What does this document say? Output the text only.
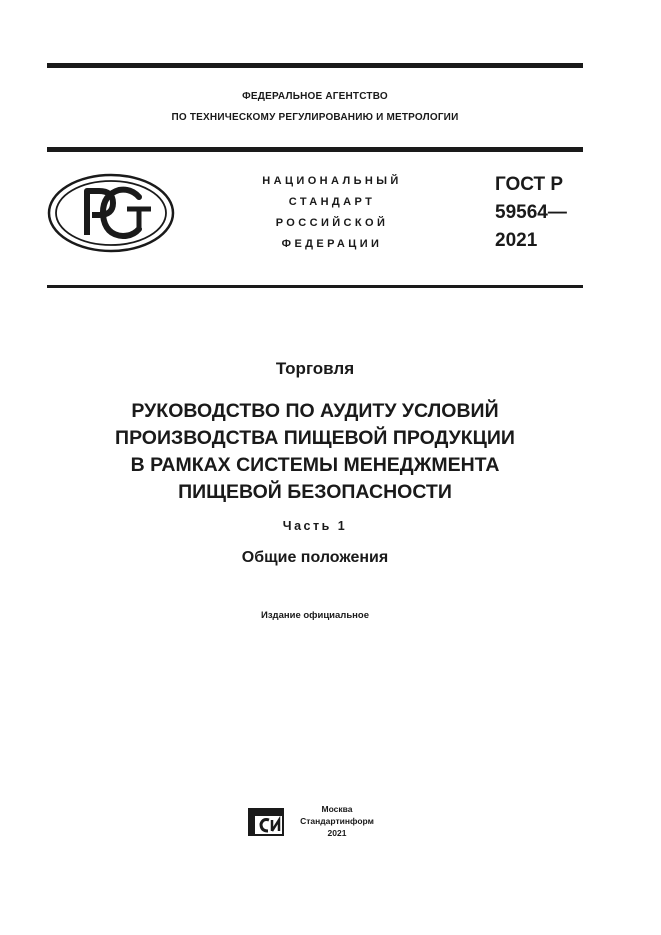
ФЕДЕРАЛЬНОЕ АГЕНТСТВО
ПО ТЕХНИЧЕСКОМУ РЕГУЛИРОВАНИЮ И МЕТРОЛОГИИ
НАЦИОНАЛЬНЫЙ
СТАНДАРТ
РОССИЙСКОЙ
ФЕДЕРАЦИИ
ГОСТ Р
59564—
2021
Торговля
РУКОВОДСТВО ПО АУДИТУ УСЛОВИЙ
ПРОИЗВОДСТВА ПИЩЕВОЙ ПРОДУКЦИИ
В РАМКАХ СИСТЕМЫ МЕНЕДЖМЕНТА
ПИЩЕВОЙ БЕЗОПАСНОСТИ
Часть 1
Общие положения
Издание официальное
Москва
Стандартинформ
2021
